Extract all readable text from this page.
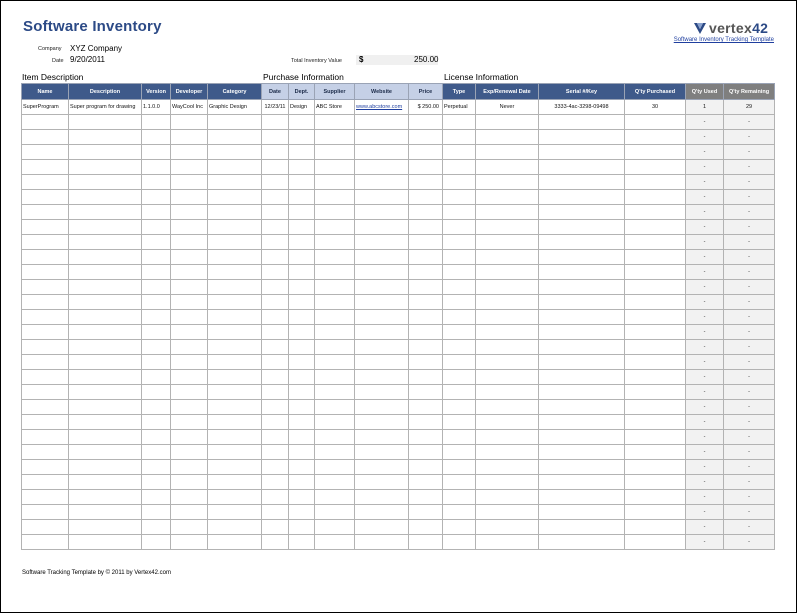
Software Inventory	vertex42
Software Inventory Tracking Template
Company XYZ Company
Date 9/20/2011	Total Inventory Value $	250.00
Item Description	Purchase Information	License Information
Name	Description	Version	Developer	Category	Date	Dept.	Supplier	Website	Price	Type	Exp/Renewal Date	Serial #/Key	Q'ty Purchased	Q'ty Used	Q'ty Remaining
SuperProgram	Super program for drawing	1.1.0.0	WayCool Inc	Graphic Design	12/23/11	Design	ABC Store	www.abcstore.com	$ 250.00	Perpetual	Never	3333-4ac-3298-09498	30	1	29
														-	-
														-	-
														-	-
														-	-
														-	-
														-	-
														-	-
														-	-
														-	-
														-	-
														-	-
														-	-
														-	-
														-	-
														-	-
														-	-
														-	-
														-	-
														-	-
														-	-
														-	-
														-	-
														-	-
														-	-
														-	-
														-	-
														-	-
														-	-
														-	-
Software Tracking Template by © 2011 by Vertex42.com
